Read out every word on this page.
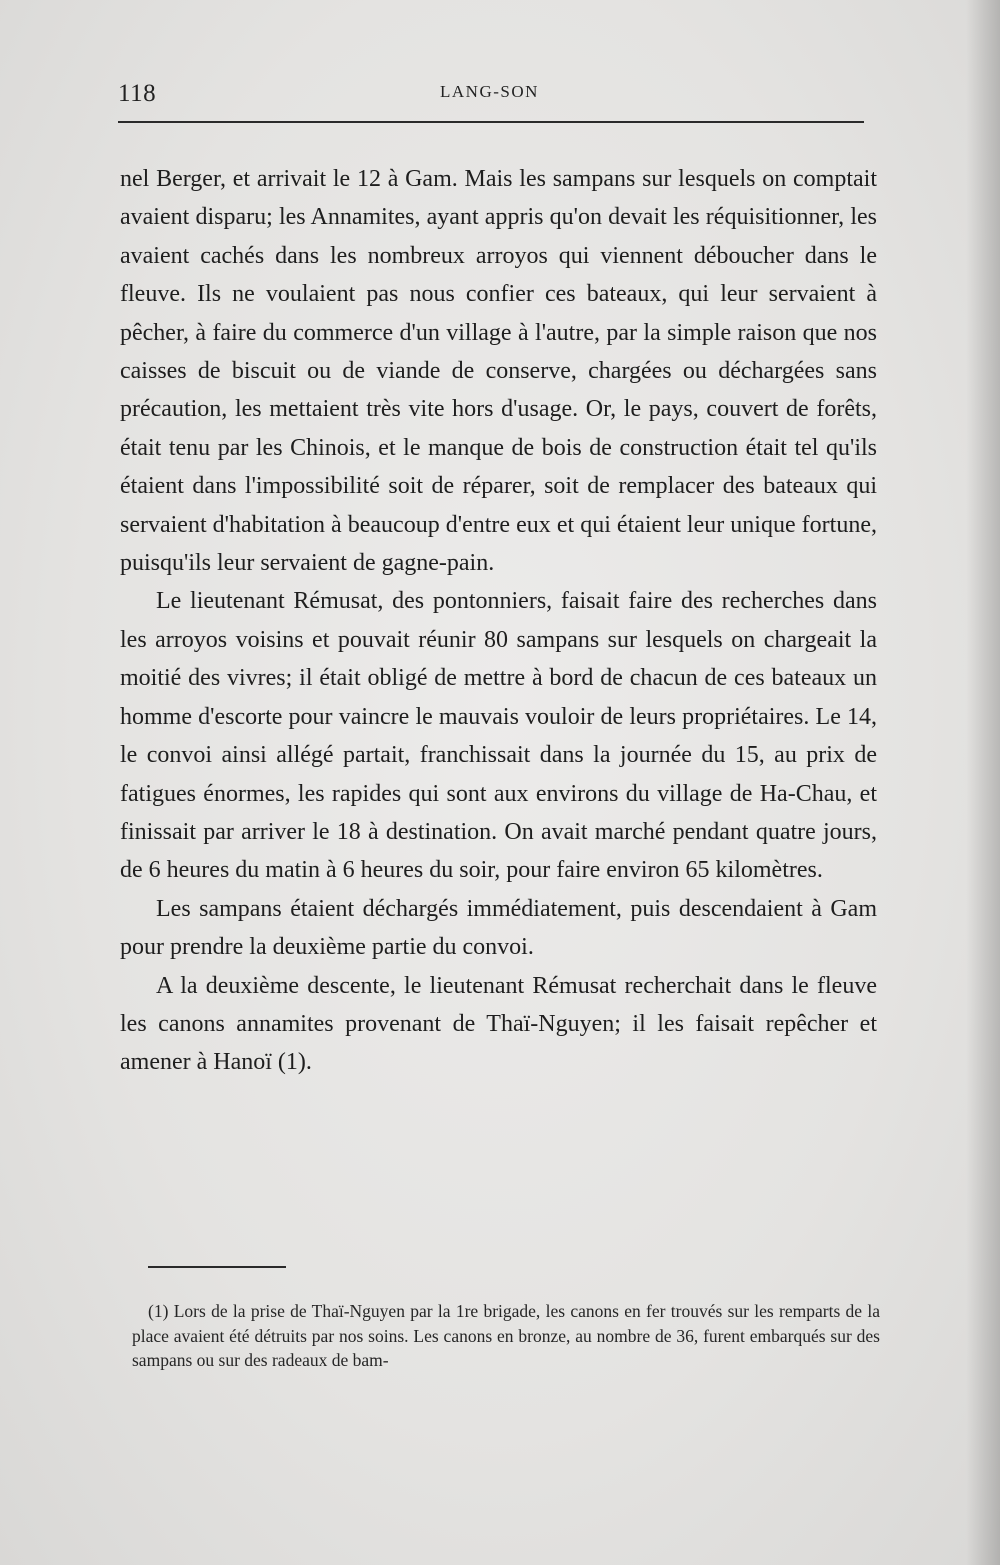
118	LANG-SON

nel Berger, et arrivait le 12 à Gam. Mais les sampans sur lesquels on comptait avaient disparu; les Annamites, ayant appris qu'on devait les réquisitionner, les avaient cachés dans les nombreux arroyos qui viennent déboucher dans le fleuve. Ils ne voulaient pas nous confier ces bateaux, qui leur servaient à pêcher, à faire du commerce d'un village à l'autre, par la simple raison que nos caisses de biscuit ou de viande de conserve, chargées ou déchargées sans précaution, les mettaient très vite hors d'usage. Or, le pays, couvert de forêts, était tenu par les Chinois, et le manque de bois de construction était tel qu'ils étaient dans l'impossibilité soit de réparer, soit de remplacer des bateaux qui servaient d'habitation à beaucoup d'entre eux et qui étaient leur unique fortune, puisqu'ils leur servaient de gagne-pain.

Le lieutenant Rémusat, des pontonniers, faisait faire des recherches dans les arroyos voisins et pouvait réunir 80 sampans sur lesquels on chargeait la moitié des vivres; il était obligé de mettre à bord de chacun de ces bateaux un homme d'escorte pour vaincre le mauvais vouloir de leurs propriétaires. Le 14, le convoi ainsi allégé partait, franchissait dans la journée du 15, au prix de fatigues énormes, les rapides qui sont aux environs du village de Ha-Chau, et finissait par arriver le 18 à destination. On avait marché pendant quatre jours, de 6 heures du matin à 6 heures du soir, pour faire environ 65 kilomètres.

Les sampans étaient déchargés immédiatement, puis descendaient à Gam pour prendre la deuxième partie du convoi.

A la deuxième descente, le lieutenant Rémusat recherchait dans le fleuve les canons annamites provenant de Thaï-Nguyen; il les faisait repêcher et amener à Hanoï (1).

(1) Lors de la prise de Thaï-Nguyen par la 1re brigade, les canons en fer trouvés sur les remparts de la place avaient été détruits par nos soins. Les canons en bronze, au nombre de 36, furent embarqués sur des sampans ou sur des radeaux de bam-
